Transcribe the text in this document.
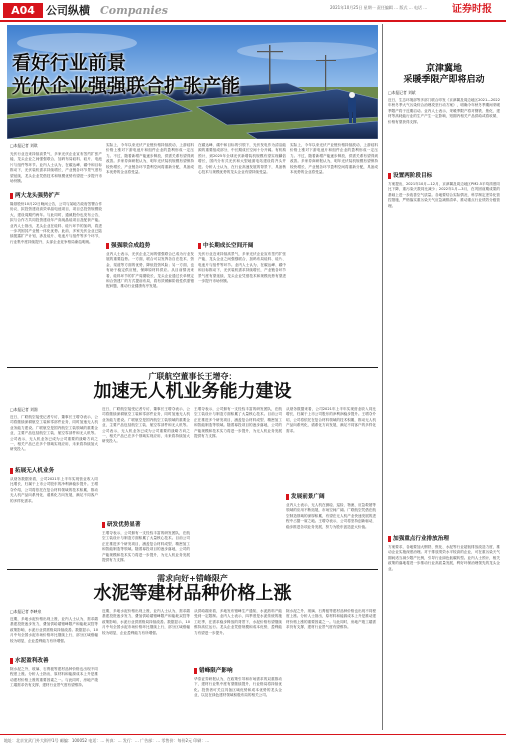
A04	公司纵横 Companies	2021年10月25日 星期一 责任编辑 … 版式 … 电话 … 证券时报
看好行业前景
光伏企业强强联合扩张产能
□本报记者 刘琪
光伏行业近来持续高景气，多家光伏企业宣布签约扩张产能，龙头企业之间强强联合，加码布局硅料、硅片、电池片与组件等环节。业内人士认为，在碳达峰、碳中和目标推动下，光伏装机需求持续增长，产业链各环节景气度有望延续，龙头企业凭借技术和规模优势有望进一步提升市场份额。
两大龙头强势扩产
隆基股份10月22日晚间公告，公司与某地方政府签署合作协议，拟投资建设高效单晶电池项目，项目总投资规模较大，建设周期约两年。与此同时，通威股份也发布公告，拟与合作方共同投资建设年产高纯晶硅项目及配套产能。业内人士指出，龙头企业在硅料、硅片环节的加码，将进一步巩固其产业链一体化优势。此前，多家光伏企业已陆续披露扩产计划，涉及硅片、电池片与组件等多个环节，行业集中度持续提升，头部企业竞争格局渐趋明朗。
实际上，今年以来光伏产业链价格持续波动，上游硅料价格上涨对下游电池片和组件企业的盈利形成一定压力。不过，随着新增产能逐步释放，供需关系有望得到改善。多家券商研报认为，明年光伏装机规模有望保持较快增长，产业链各环节盈利空间将重新分配，具备成本优势的企业将受益。
强强联合成趋势
业内人士表示，光伏企业之间的强强联合已成为行业发展的重要趋势。一方面，联合可以发挥各自在技术、资金、渠道等方面的优势，降低投资风险；另一方面，也有助于稳定供应链，保障原材料供应。从目前情况来看，硅料环节的扩产周期较长，龙头企业通过长单锁定和合资建厂的方式提前布局，将有效缓解阶段性供需错配问题，推动行业健康有序发展。
在碳达峰、碳中和目标的引领下，光伏发电作为清洁能源的重要组成部分，中长期成长空间十分开阔。有机构预计，到2025年全球光伏新增装机规模有望实现翻倍增长，国内分布式光伏和大型地面电站建设将齐头并进。分析人士认为，在行业高速发展的背景下，具备核心技术与规模优势的龙头企业有望持续受益。
中长期成长空间开阔
光伏行业近来持续高景气，多家光伏企业宣布签约扩张产能，龙头企业之间强强联合，加码布局硅料、硅片、电池片与组件等环节。业内人士认为，在碳达峰、碳中和目标推动下，光伏装机需求持续增长，产业链各环节景气度有望延续，龙头企业凭借技术和规模优势有望进一步提升市场份额。
实际上，今年以来光伏产业链价格持续波动，上游硅料价格上涨对下游电池片和组件企业的盈利形成一定压力。不过，随着新增产能逐步释放，供需关系有望得到改善。多家券商研报认为，明年光伏装机规模有望保持较快增长，产业链各环节盈利空间将重新分配，具备成本优势的企业将受益。
广联航空董事长王增夺：
加速无人机业务能力建设
□本报记者 刘润
近日，广联航空接受记者专访，董事长王增夺表示，公司将继续深耕航空工装和零部件业务，同时加速无人机业务能力建设。广联航空是国内航空工装领域的重要企业，主要产品包括航空工装、航空零部件和无人机等。公司表示，无人机业务已成为公司重要的战略方向之一，相关产品已在多个领域实现应用，未来将持续加大研发投入。
拓展无人机业务
从财务数据来看，公司2021年上半年实现营业收入同比增长，归属于上市公司股东的净利润稳步提升。王增夺介绍，公司将依托在复合材料领域的技术积累，推动无人机产品向系列化、谱系化方向发展，满足不同客户的多样化需求。
近日，广联航空接受记者专访，董事长王增夺表示，公司将继续深耕航空工装和零部件业务，同时加速无人机业务能力建设。广联航空是国内航空工装领域的重要企业，主要产品包括航空工装、航空零部件和无人机等。公司表示，无人机业务已成为公司重要的战略方向之一，相关产品已在多个领域实现应用，未来将持续加大研发投入。
研发优势显著
王增夺表示，公司拥有一支经验丰富的研发团队，在航空工装设计与制造方面积累了大量核心技术。目前公司正在推进多个研发项目，涵盖复合材料成型、精密加工和智能制造等领域。随着募投项目的逐步落地，公司的产能规模和技术实力将进一步提升，为无人机业务发展提供有力支撑。
王增夺表示，公司拥有一支经验丰富的研发团队，在航空工装设计与制造方面积累了大量核心技术。目前公司正在推进多个研发项目，涵盖复合材料成型、精密加工和智能制造等领域。随着募投项目的逐步落地，公司的产能规模和技术实力将进一步提升，为无人机业务发展提供有力支撑。
从财务数据来看，公司2021年上半年实现营业收入同比增长，归属于上市公司股东的净利润稳步提升。王增夺介绍，公司将依托在复合材料领域的技术积累，推动无人机产品向系列化、谱系化方向发展，满足不同客户的多样化需求。
发展前景广阔
业内人士表示，无人机在测绘、巡检、物流、应急救援等领域的应用不断拓展，市场空间广阔。广联航空凭借在航空制造领域的深厚积累，有望在无人机产业快速发展的进程中占据一席之地。王增夺表示，公司将坚持创新驱动，稳步推进各项业务发展，努力为股东创造更大价值。
需求向好+错峰限产
水泥等建材品种价格上涨
□本报记者 李映泉
近期，多地水泥价格出现上涨，业内人士认为，需求端基建投资逐步发力，叠加供给端错峰限产和能耗双控等政策影响，水泥行业供需格局持续改善。数据显示，10月中旬全国水泥市场价格环比继续上行，部分区域涨幅较为明显，企业盈利能力有所增强。
水泥盈利改善
除水泥之外，玻璃、石膏板等建材品种价格也出现不同程度上涨。分析人士指出，原材料和能源成本上升是推动建材价格上涨的重要因素之一。与此同时，房地产竣工端需求仍有支撑，建材行业景气度有望维持。
近期，多地水泥价格出现上涨，业内人士认为，需求端基建投资逐步发力，叠加供给端错峰限产和能耗双控等政策影响，水泥行业供需格局持续改善。数据显示，10月中旬全国水泥市场价格环比继续上行，部分区域涨幅较为明显，企业盈利能力有所增强。
从供给端来看，多地发布错峰生产通知，水泥熟料产能受到一定限制。业内人士表示，四季度是水泥传统的施工旺季，在需求稳步释放的背景下，水泥价格有望继续维持高位运行。龙头企业凭借规模和成本优势，盈利能力有望进一步提升。
错峰限产影响
华泰证券研报认为，在政策引导和市场需求的双重推动下，建材行业集中度有望继续提升，行业格局将持续优化。投资者可关注具备区域优势和成本优势的龙头企业，以及在绿色建材领域积极布局的相关公司。
除水泥之外，玻璃、石膏板等建材品种价格也出现不同程度上涨。分析人士指出，原材料和能源成本上升是推动建材价格上涨的重要因素之一。与此同时，房地产竣工端需求仍有支撑，建材行业景气度有望维持。
京津冀地
采暖季限产即将启动
□本报记者 刘斌
近日，生态环境部等多部门联合印发《京津冀及周边地区2021—2022年秋冬季大气污染综合治理攻坚行动方案》，明确今年秋冬季期间采暖季限产将于近期启动。业内人士表示，采暖季限产将对钢铁、焦化、建材等高耗能行业的生产产生一定影响，短期内相关产品供给或将收紧，价格有望获得支撑。
设置两阶段目标
方案提出，2021年10月—12月，京津冀及周边地区PM2.5平均浓度同比下降，重污染天数同比减少；2022年1月—3月，在巩固前期成果的基础上进一步改善空气质量。各地要结合实际情况，科学制定差异化管控措施，严格落实重污染天气应急减排清单，推动重点行业绩效分级管理。
加强重点行业排放治理
方案要求，各地要加大钢铁、焦化、水泥等行业超低排放改造力度，推动企业实施深度治理。对于排放绩效水平较高的企业，可在重污染天气期间适当减少限产比例，引导行业绿色低碳转型。业内人士预计，相关政策的落地将进一步推动行业高质量发展，利好环保治理领先的龙头企业。
地址：北京宣武门外大街甲1号 邮编：100052 电话：… 传真：… 发行：… 广告部：… 零售价：每份2元 印刷：…
